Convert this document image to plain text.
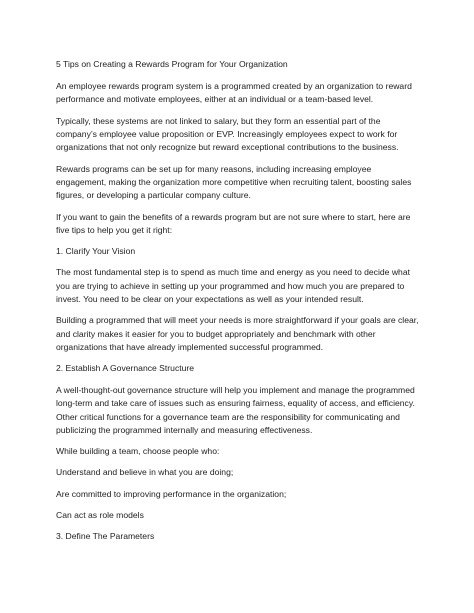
5 Tips on Creating a Rewards Program for Your Organization

An employee rewards program system is a programmed created by an organization to reward performance and motivate employees, either at an individual or a team-based level.

Typically, these systems are not linked to salary, but they form an essential part of the company’s employee value proposition or EVP. Increasingly employees expect to work for organizations that not only recognize but reward exceptional contributions to the business.

Rewards programs can be set up for many reasons, including increasing employee engagement, making the organization more competitive when recruiting talent, boosting sales figures, or developing a particular company culture.

If you want to gain the benefits of a rewards program but are not sure where to start, here are five tips to help you get it right:

1. Clarify Your Vision

The most fundamental step is to spend as much time and energy as you need to decide what you are trying to achieve in setting up your programmed and how much you are prepared to invest. You need to be clear on your expectations as well as your intended result.

Building a programmed that will meet your needs is more straightforward if your goals are clear, and clarity makes it easier for you to budget appropriately and benchmark with other organizations that have already implemented successful programmed.

2. Establish A Governance Structure

A well-thought-out governance structure will help you implement and manage the programmed long-term and take care of issues such as ensuring fairness, equality of access, and efficiency. Other critical functions for a governance team are the responsibility for communicating and publicizing the programmed internally and measuring effectiveness.

While building a team, choose people who:

Understand and believe in what you are doing;

Are committed to improving performance in the organization;

Can act as role models

3. Define The Parameters
